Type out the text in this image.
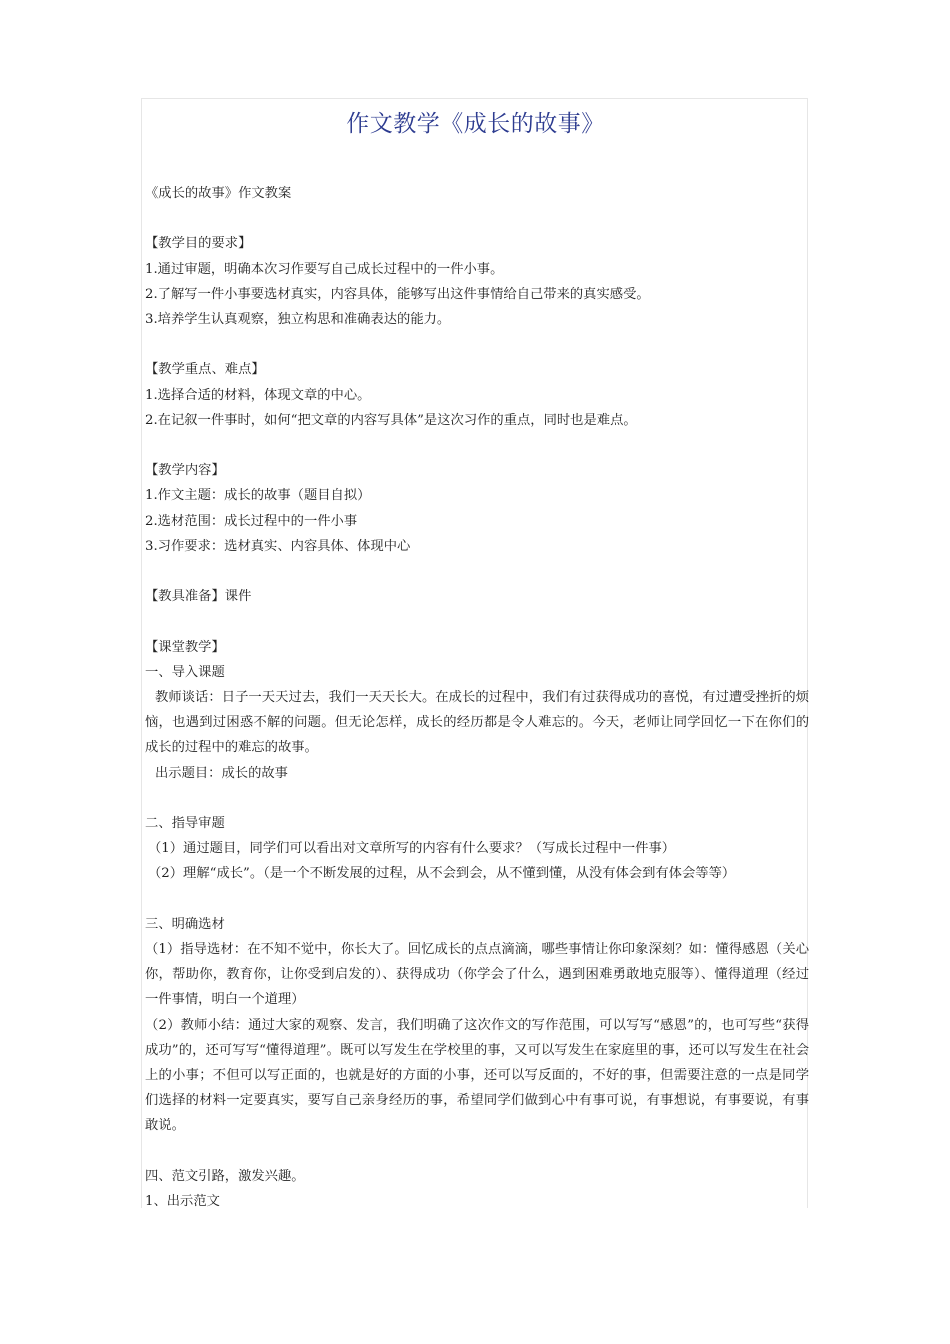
作文教学《成长的故事》
《成长的故事》作文教案
【教学目的要求】
1.通过审题，明确本次习作要写自己成长过程中的一件小事。
2.了解写一件小事要选材真实，内容具体，能够写出这件事情给自己带来的真实感受。
3.培养学生认真观察，独立构思和准确表达的能力。
【教学重点、难点】
1.选择合适的材料，体现文章的中心。
2.在记叙一件事时，如何“把文章的内容写具体”是这次习作的重点，同时也是难点。
【教学内容】
1.作文主题：成长的故事（题目自拟）
2.选材范围：成长过程中的一件小事
3.习作要求：选材真实、内容具体、体现中心
【教具准备】课件
【课堂教学】
一、导入课题
教师谈话：日子一天天过去，我们一天天长大。在成长的过程中，我们有过获得成功的喜悦，有过遭受挫折的烦恼，也遇到过困惑不解的问题。但无论怎样，成长的经历都是令人难忘的。今天，老师让同学回忆一下在你们的成长的过程中的难忘的故事。
出示题目：成长的故事
二、指导审题
（1）通过题目，同学们可以看出对文章所写的内容有什么要求？（写成长过程中一件事）
（2）理解“成长”。（是一个不断发展的过程，从不会到会，从不懂到懂，从没有体会到有体会等等）
三、明确选材
（1）指导选材：在不知不觉中，你长大了。回忆成长的点点滴滴，哪些事情让你印象深刻？如：懂得感恩（关心你，帮助你，教育你，让你受到启发的）、获得成功（你学会了什么，遇到困难勇敢地克服等）、懂得道理（经过一件事情，明白一个道理）
（2）教师小结：通过大家的观察、发言，我们明确了这次作文的写作范围，可以写写“感恩”的，也可写些“获得成功”的，还可写写“懂得道理”。既可以写发生在学校里的事，又可以写发生在家庭里的事，还可以写发生在社会上的小事；不但可以写正面的，也就是好的方面的小事，还可以写反面的，不好的事，但需要注意的一点是同学们选择的材料一定要真实，要写自己亲身经历的事，希望同学们做到心中有事可说，有事想说，有事要说，有事敢说。
四、范文引路，激发兴趣。
1、出示范文
